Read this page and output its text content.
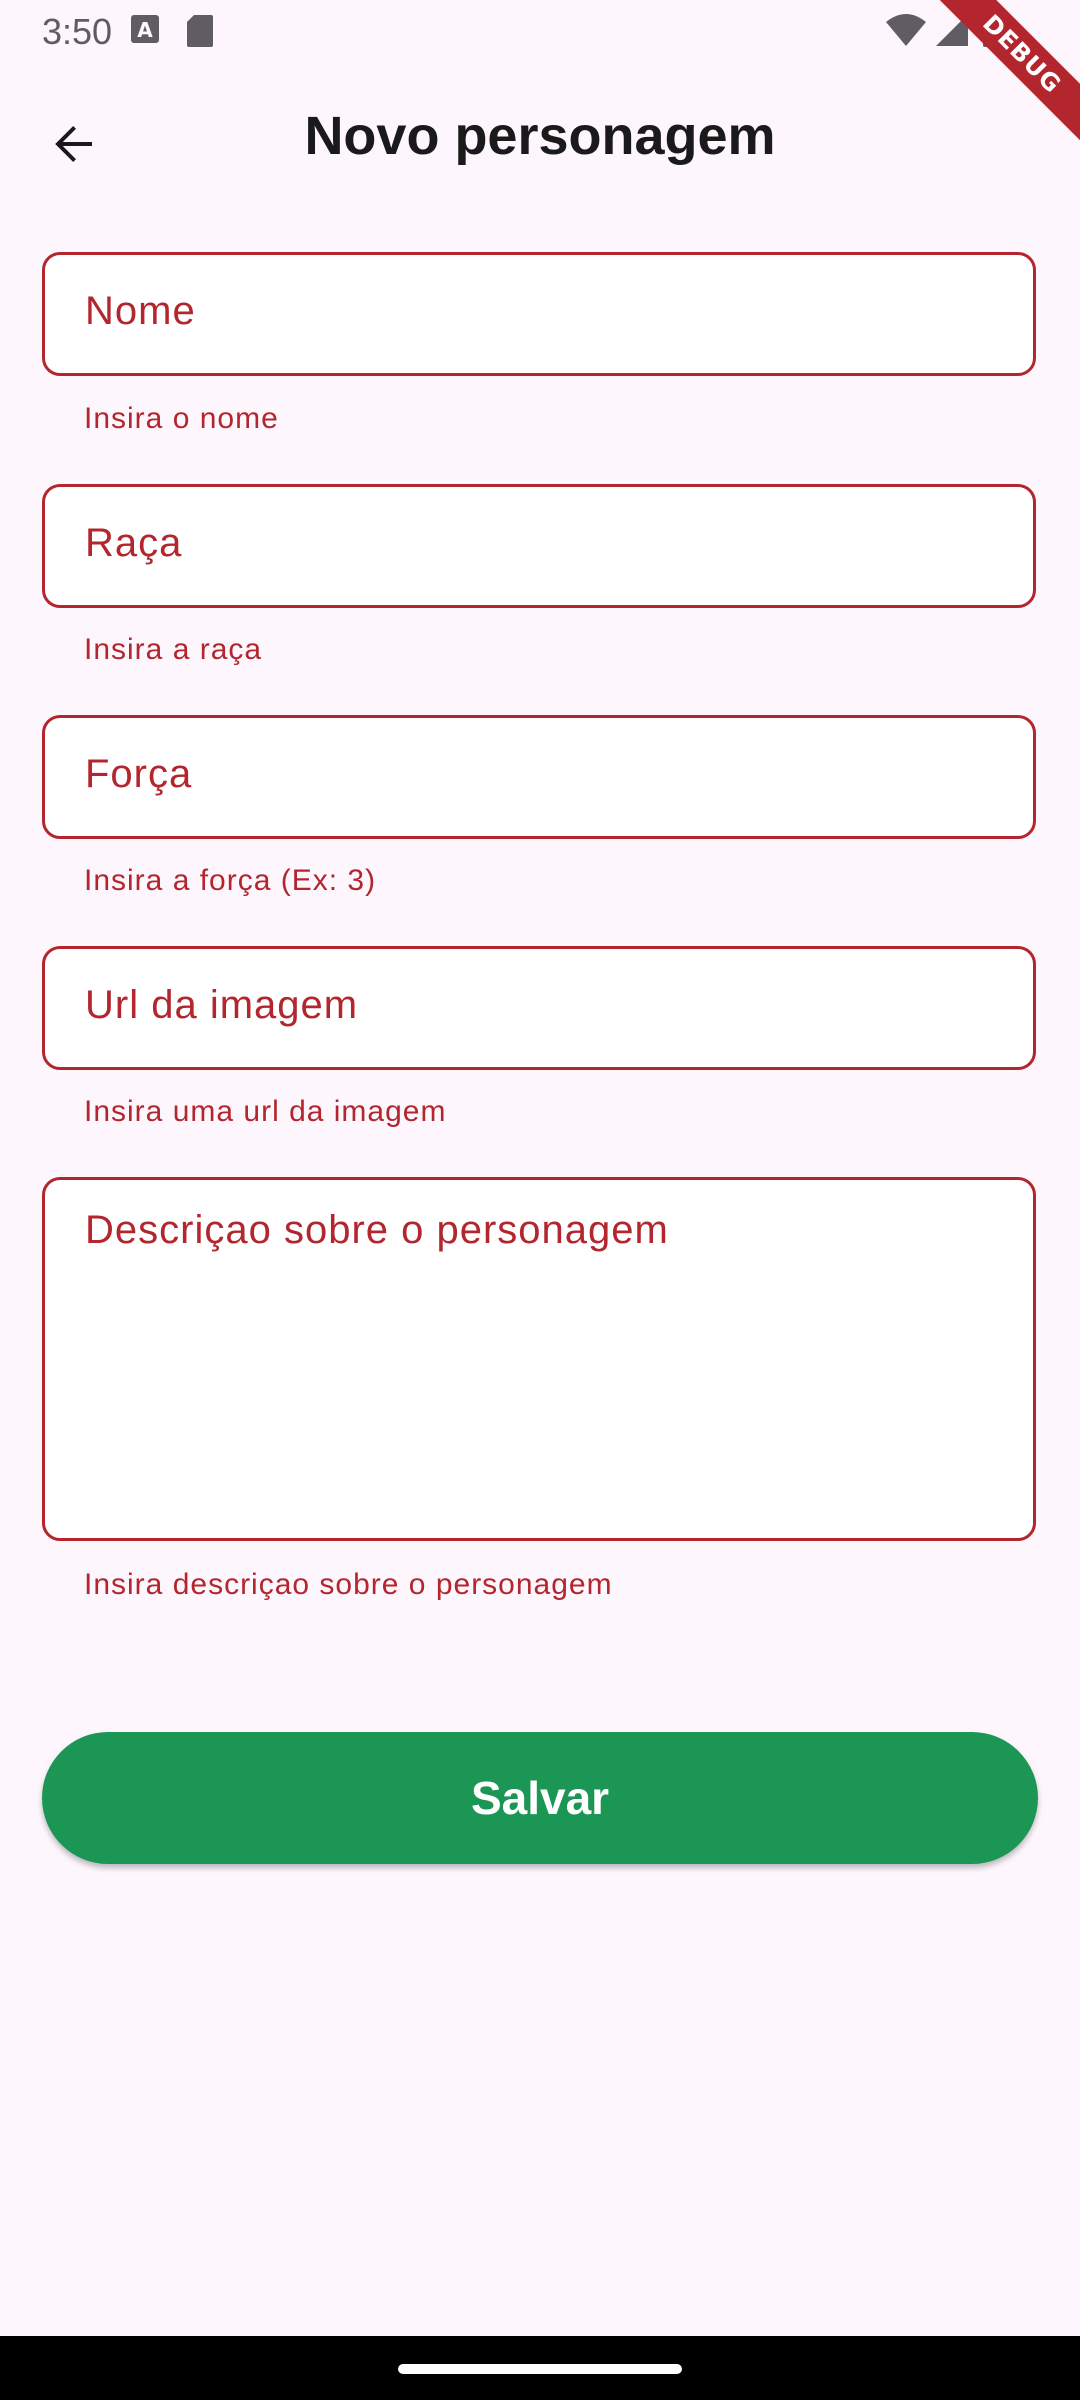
3:50 A	DEBUG
Novo personagem
Nome
Insira o nome
Raça
Insira a raça
Força
Insira a força (Ex: 3)
Url da imagem
Insira uma url da imagem
Descriçao sobre o personagem
Insira descriçao sobre o personagem
Salvar
